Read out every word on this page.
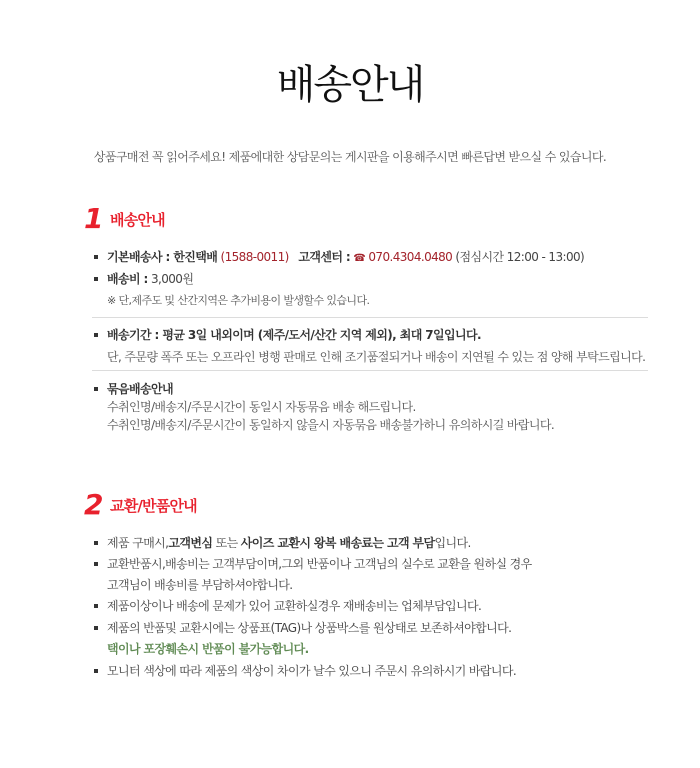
배송안내
상품구매전 꼭 읽어주세요! 제품에대한 상담문의는 게시판을 이용해주시면 빠른답변 받으실 수 있습니다.
1 배송안내
기본배송사 : 한진택배 (1588-0011) 고객센터 : ☎ 070.4304.0480 (점심시간 12:00 - 13:00)
배송비 : 3,000원
※ 단,제주도 및 산간지역은 추가비용이 발생할수 있습니다.
배송기간 : 평균 3일 내외이며 (제주/도서/산간 지역 제외), 최대 7일입니다.
단, 주문량 폭주 또는 오프라인 병행 판매로 인해 조기품절되거나 배송이 지연될 수 있는 점 양해 부탁드립니다.
묶음배송안내
수취인명/배송지/주문시간이 동일시 자동묶음 배송 해드립니다.
수취인명/배송지/주문시간이 동일하지 않을시 자동묶음 배송불가하니 유의하시길 바랍니다.
2 교환/반품안내
제품 구매시,고객변심 또는 사이즈 교환시 왕복 배송료는 고객 부담입니다.
교환반품시,배송비는 고객부담이며,그외 반품이나 고객님의 실수로 교환을 원하실 경우
고객님이 배송비를 부담하셔야합니다.
제품이상이나 배송에 문제가 있어 교환하실경우 재배송비는 업체부담입니다.
제품의 반품및 교환시에는 상품표(TAG)나 상품박스를 원상태로 보존하셔야합니다.
택이나 포장훼손시 반품이 불가능합니다.
모니터 색상에 따라 제품의 색상이 차이가 날수 있으니 주문시 유의하시기 바랍니다.
